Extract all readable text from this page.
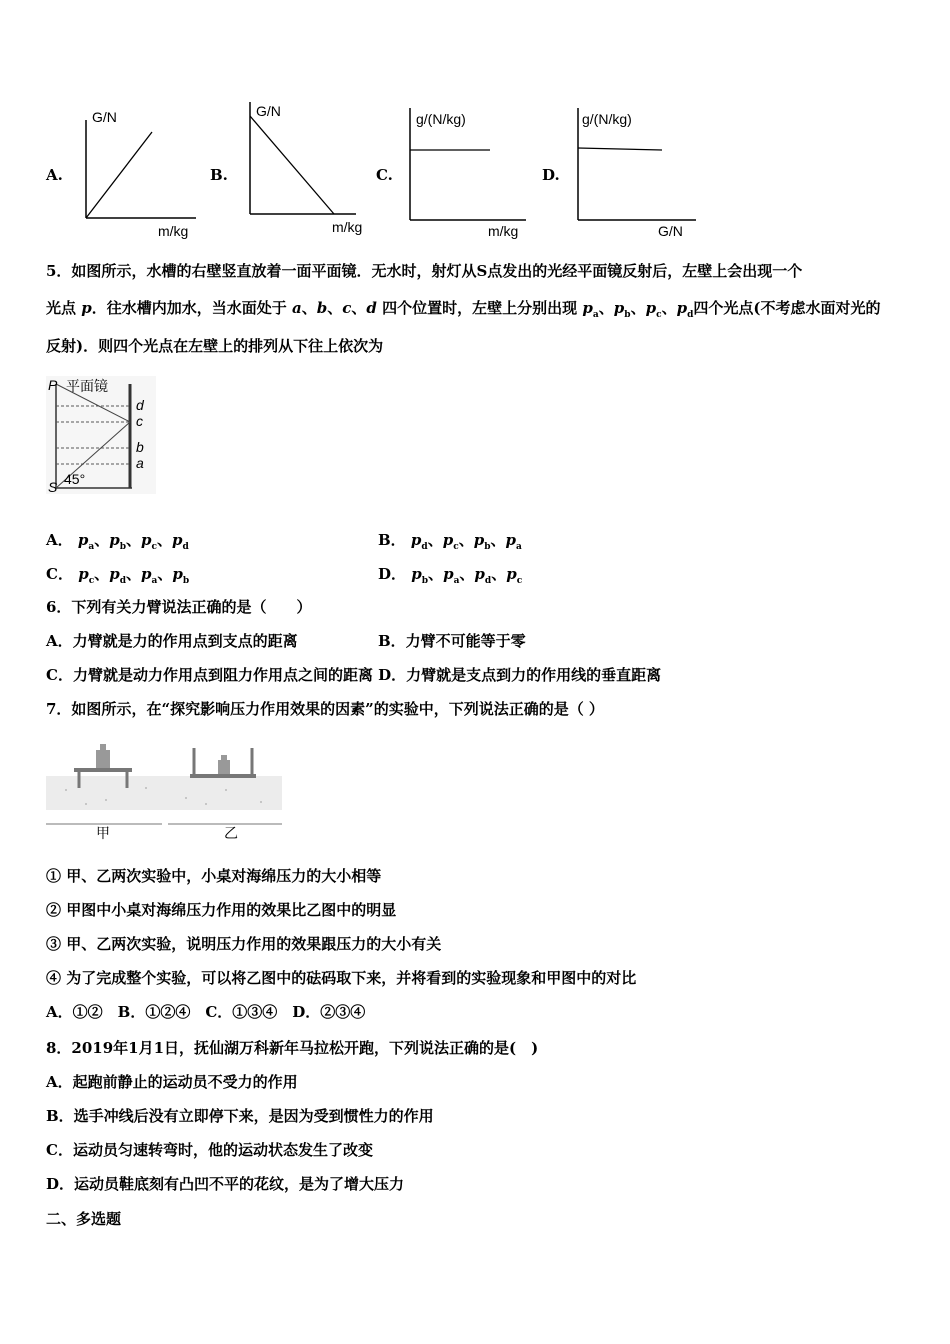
A.
G/N
m/kg
B.
G/N
m/kg
C.
g/(N/kg)
m/kg
D.
g/(N/kg)
G/N
5．如图所示，水槽的右壁竖直放着一面平面镜．无水时，射灯从S点发出的光经平面镜反射后，左壁上会出现一个
光点 p．往水槽内加水，当水面处于 a、b、c、d 四个位置时，左壁上分别出现 $p_a$、$p_b$、$p_c$、$p_d$四个光点(不考虑水面对光的
反射)．则四个光点在左壁上的排列从下往上依次为
P
S
平面镜
45°
d
c
b
a
A． $p_a$、$p_b$、$p_c$、$p_d$	B． $p_d$、$p_c$、$p_b$、$p_a$
C． $p_c$、$p_d$、$p_a$、$p_b$	D． $p_b$、$p_a$、$p_d$、$p_c$
6．下列有关力臂说法正确的是（　　）
A．力臂就是力的作用点到支点的距离	B．力臂不可能等于零
C．力臂就是动力作用点到阻力作用点之间的距离 D．力臂就是支点到力的作用线的垂直距离
7．如图所示，在“探究影响压力作用效果的因素”的实验中，下列说法正确的是（ ）
甲	乙
① 甲、乙两次实验中，小桌对海绵压力的大小相等
② 甲图中小桌对海绵压力作用的效果比乙图中的明显
③ 甲、乙两次实验，说明压力作用的效果跟压力的大小有关
④ 为了完成整个实验，可以将乙图中的砝码取下来，并将看到的实验现象和甲图中的对比
A．①②　B．①②④　C．①③④　D．②③④
8．2019年1月1日，抚仙湖万科新年马拉松开跑，下列说法正确的是(　)
A．起跑前静止的运动员不受力的作用
B．选手冲线后没有立即停下来，是因为受到惯性力的作用
C．运动员匀速转弯时，他的运动状态发生了改变
D．运动员鞋底刻有凸凹不平的花纹，是为了增大压力
二、多选题
